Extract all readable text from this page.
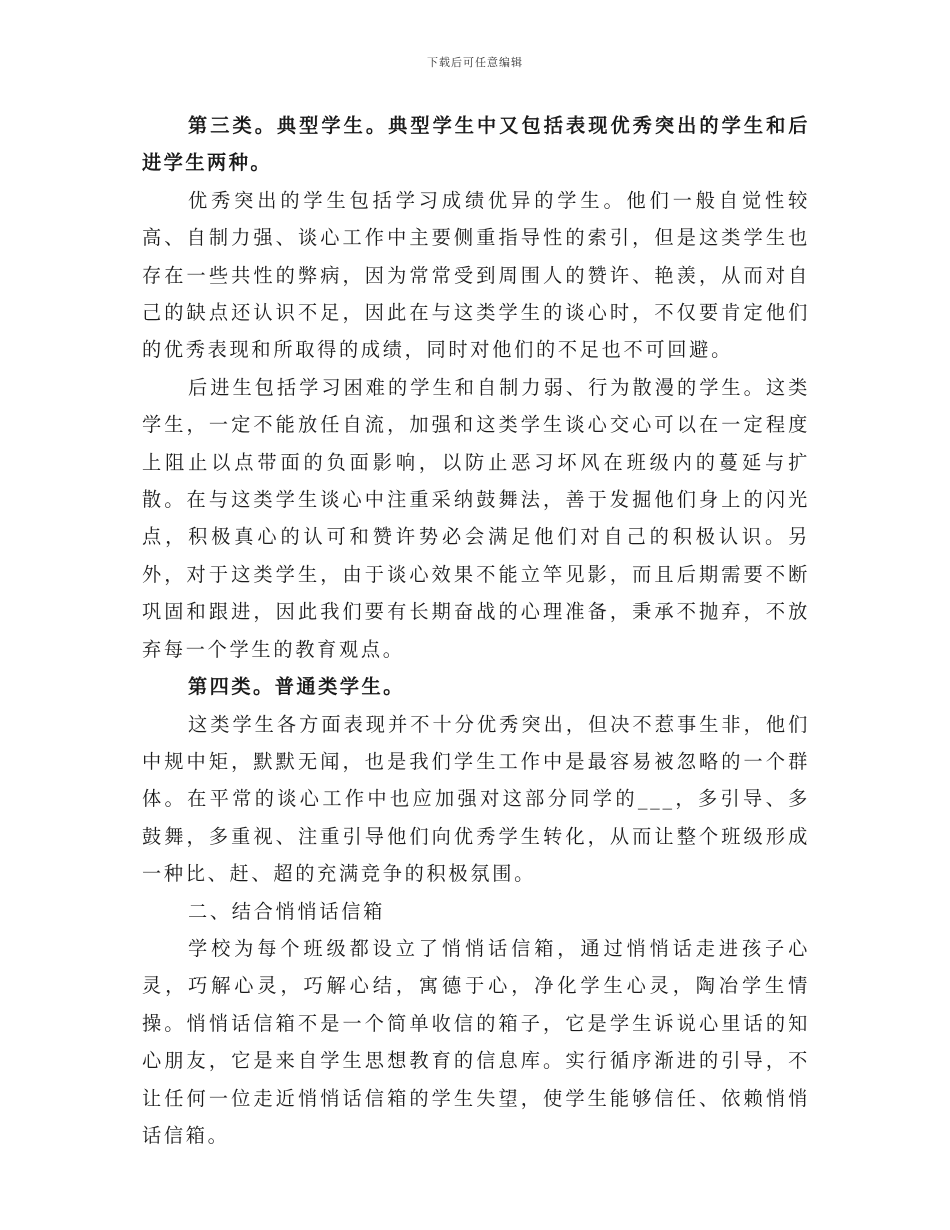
下载后可任意编辑

第三类。典型学生。典型学生中又包括表现优秀突出的学生和后进学生两种。

优秀突出的学生包括学习成绩优异的学生。他们一般自觉性较高、自制力强、谈心工作中主要侧重指导性的索引，但是这类学生也存在一些共性的弊病，因为常常受到周围人的赞许、艳羡，从而对自己的缺点还认识不足，因此在与这类学生的谈心时，不仅要肯定他们的优秀表现和所取得的成绩，同时对他们的不足也不可回避。

后进生包括学习困难的学生和自制力弱、行为散漫的学生。这类学生，一定不能放任自流，加强和这类学生谈心交心可以在一定程度上阻止以点带面的负面影响，以防止恶习坏风在班级内的蔓延与扩散。在与这类学生谈心中注重采纳鼓舞法，善于发掘他们身上的闪光点，积极真心的认可和赞许势必会满足他们对自己的积极认识。另外，对于这类学生，由于谈心效果不能立竿见影，而且后期需要不断巩固和跟进，因此我们要有长期奋战的心理准备，秉承不抛弃，不放弃每一个学生的教育观点。

第四类。普通类学生。

这类学生各方面表现并不十分优秀突出，但决不惹事生非，他们中规中矩，默默无闻，也是我们学生工作中是最容易被忽略的一个群体。在平常的谈心工作中也应加强对这部分同学的___，多引导、多鼓舞，多重视、注重引导他们向优秀学生转化，从而让整个班级形成一种比、赶、超的充满竞争的积极氛围。

二、结合悄悄话信箱

学校为每个班级都设立了悄悄话信箱，通过悄悄话走进孩子心灵，巧解心灵，巧解心结，寓德于心，净化学生心灵，陶冶学生情操。悄悄话信箱不是一个简单收信的箱子，它是学生诉说心里话的知心朋友，它是来自学生思想教育的信息库。实行循序渐进的引导，不让任何一位走近悄悄话信箱的学生失望，使学生能够信任、依赖悄悄话信箱。
